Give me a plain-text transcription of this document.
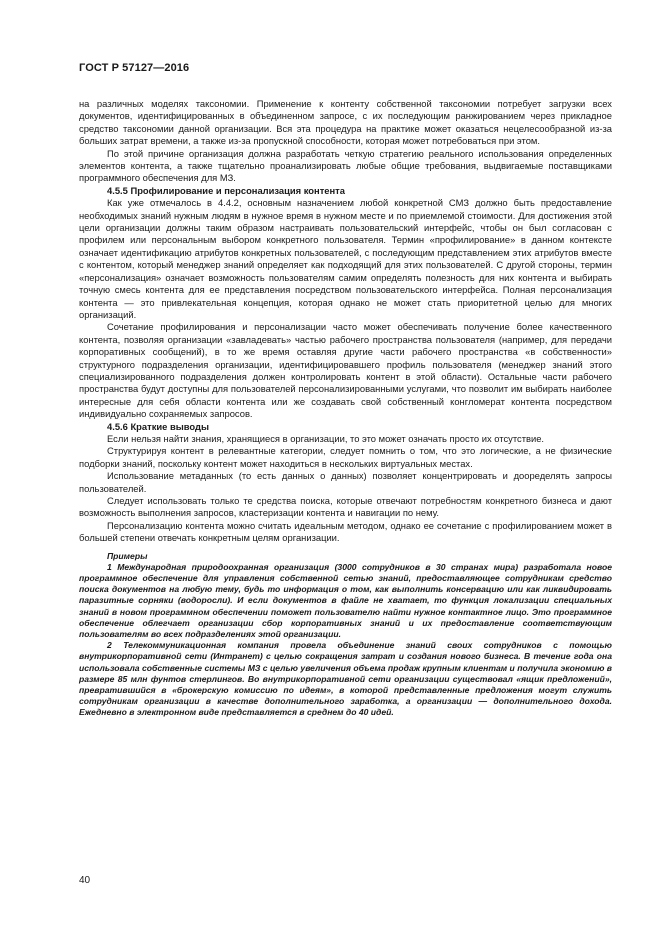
ГОСТ Р 57127—2016

на различных моделях таксономии. Применение к контенту собственной таксономии потребует загрузки всех документов, идентифицированных в объединенном запросе, с их последующим ранжированием через прикладное средство таксономии данной организации. Вся эта процедура на практике может оказаться нецелесообразной из-за больших затрат времени, а также из-за пропускной способности, которая может потребоваться при этом.

По этой причине организация должна разработать четкую стратегию реального использования определенных элементов контента, а также тщательно проанализировать любые общие требования, выдвигаемые поставщиками программного обеспечения для МЗ.

4.5.5 Профилирование и персонализация контента

Как уже отмечалось в 4.4.2, основным назначением любой конкретной СМЗ должно быть предоставление необходимых знаний нужным людям в нужное время в нужном месте и по приемлемой стоимости. Для достижения этой цели организации должны таким образом настраивать пользовательский интерфейс, чтобы он был согласован с профилем или персональным выбором конкретного пользователя. Термин «профилирование» в данном контексте означает идентификацию атрибутов конкретных пользователей, с последующим представлением этих атрибутов вместе с контентом, который менеджер знаний определяет как подходящий для этих пользователей. С другой стороны, термин «персонализация» означает возможность пользователям самим определять полезность для них контента и выбирать точную смесь контента для ее представления посредством пользовательского интерфейса. Полная персонализация контента — это привлекательная концепция, которая однако не может стать приоритетной целью для многих организаций.

Сочетание профилирования и персонализации часто может обеспечивать получение более качественного контента, позволяя организации «завладевать» частью рабочего пространства пользователя (например, для передачи корпоративных сообщений), в то же время оставляя другие части рабочего пространства «в собственности» структурного подразделения организации, идентифицировавшего профиль пользователя (менеджер знаний этого специализированного подразделения должен контролировать контент в этой области). Остальные части рабочего пространства будут доступны для пользователей персонализированными услугами, что позволит им выбирать наиболее интересные для себя области контента или же создавать свой собственный конгломерат контента посредством индивидуально сохраняемых запросов.

4.5.6 Краткие выводы

Если нельзя найти знания, хранящиеся в организации, то это может означать просто их отсутствие.

Структурируя контент в релевантные категории, следует помнить о том, что это логические, а не физические подборки знаний, поскольку контент может находиться в нескольких виртуальных местах.

Использование метаданных (то есть данных о данных) позволяет концентрировать и дооределять запросы пользователей.

Следует использовать только те средства поиска, которые отвечают потребностям конкретного бизнеса и дают возможность выполнения запросов, кластеризации контента и навигации по нему.

Персонализацию контента можно считать идеальным методом, однако ее сочетание с профилированием может в большей степени отвечать конкретным целям организации.

Примеры

1 Международная природоохранная организация (3000 сотрудников в 30 странах мира) разработала новое программное обеспечение для управления собственной сетью знаний, предоставляющее сотрудникам средство поиска документов на любую тему, будь то информация о том, как выполнить консервацию или как ликвидировать паразитные сорняки (водоросли). И если документов в файле не хватает, то функция локализации специальных знаний в новом программном обеспечении поможет пользователю найти нужное контактное лицо. Это программное обеспечение облегчает организации сбор корпоративных знаний и их предоставление соответствующим пользователям во всех подразделениях этой организации.

2 Телекоммуникационная компания провела объединение знаний своих сотрудников с помощью внутрикорпоративной сети (Интранет) с целью сокращения затрат и создания нового бизнеса. В течение года она использовала собственные системы МЗ с целью увеличения объема продаж крупным клиентам и получила экономию в размере 85 млн фунтов стерлингов. Во внутрикорпоративной сети организации существовал «ящик предложений», превратившийся в «брокерскую комиссию по идеям», в которой представленные предложения могут служить сотрудникам организации в качестве дополнительного заработка, а организации — дополнительного дохода. Ежедневно в электронном виде представляется в среднем до 40 идей.

40
